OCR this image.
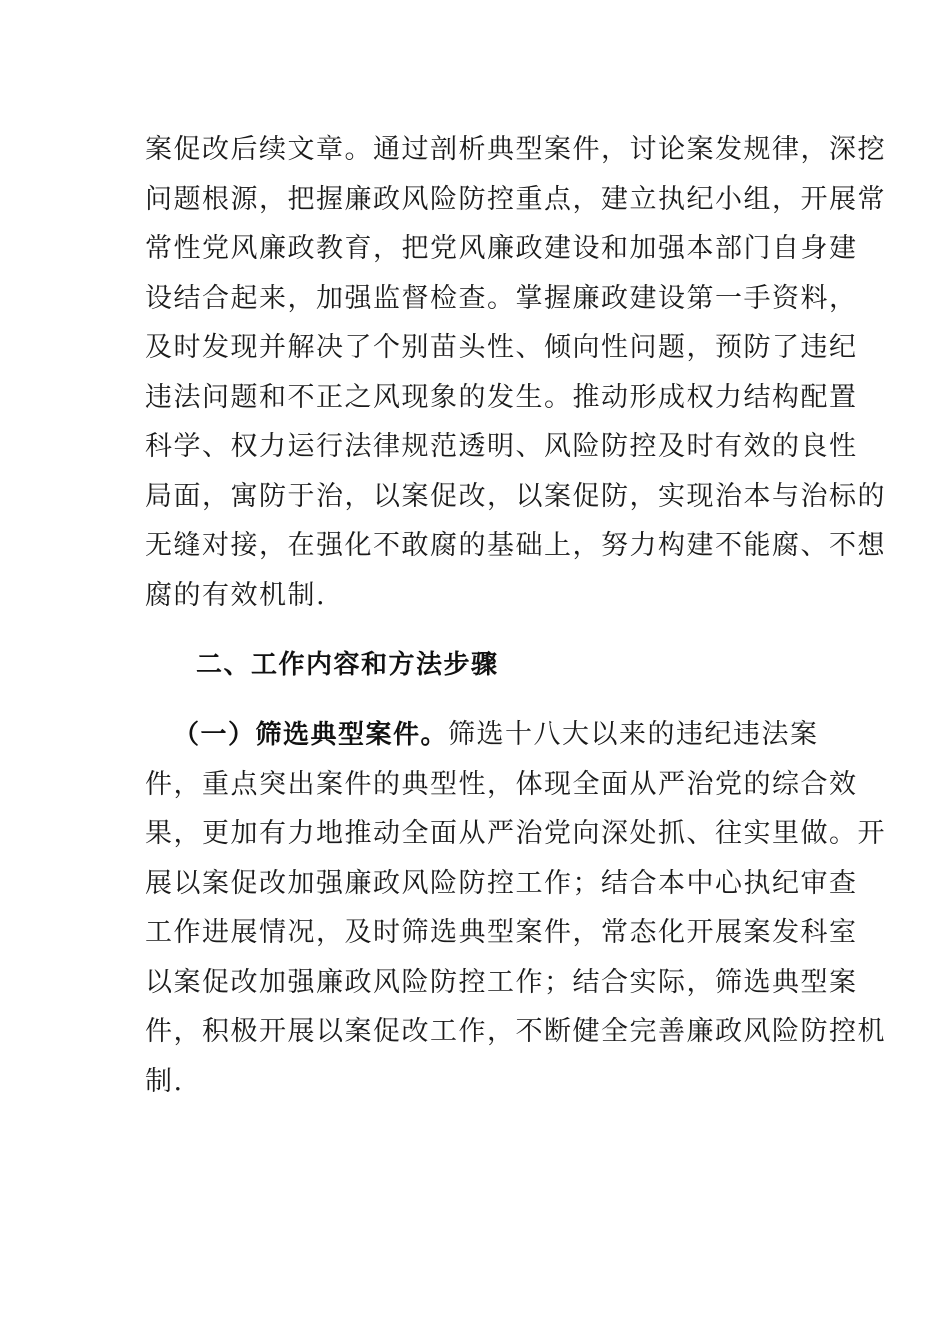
案促改后续文章。通过剖析典型案件，讨论案发规律，深挖
问题根源，把握廉政风险防控重点，建立执纪小组，开展常
常性党风廉政教育，把党风廉政建设和加强本部门自身建
设结合起来，加强监督检查。掌握廉政建设第一手资料，
及时发现并解决了个别苗头性、倾向性问题，预防了违纪
违法问题和不正之风现象的发生。推动形成权力结构配置
科学、权力运行法律规范透明、风险防控及时有效的良性
局面，寓防于治，以案促改，以案促防，实现治本与治标的
无缝对接，在强化不敢腐的基础上，努力构建不能腐、不想
腐的有效机制.
二、工作内容和方法步骤
（一）筛选典型案件。筛选十八大以来的违纪违法案
件，重点突出案件的典型性，体现全面从严治党的综合效
果，更加有力地推动全面从严治党向深处抓、往实里做。开
展以案促改加强廉政风险防控工作；结合本中心执纪审查
工作进展情况，及时筛选典型案件，常态化开展案发科室
以案促改加强廉政风险防控工作；结合实际，筛选典型案
件，积极开展以案促改工作，不断健全完善廉政风险防控机
制.
